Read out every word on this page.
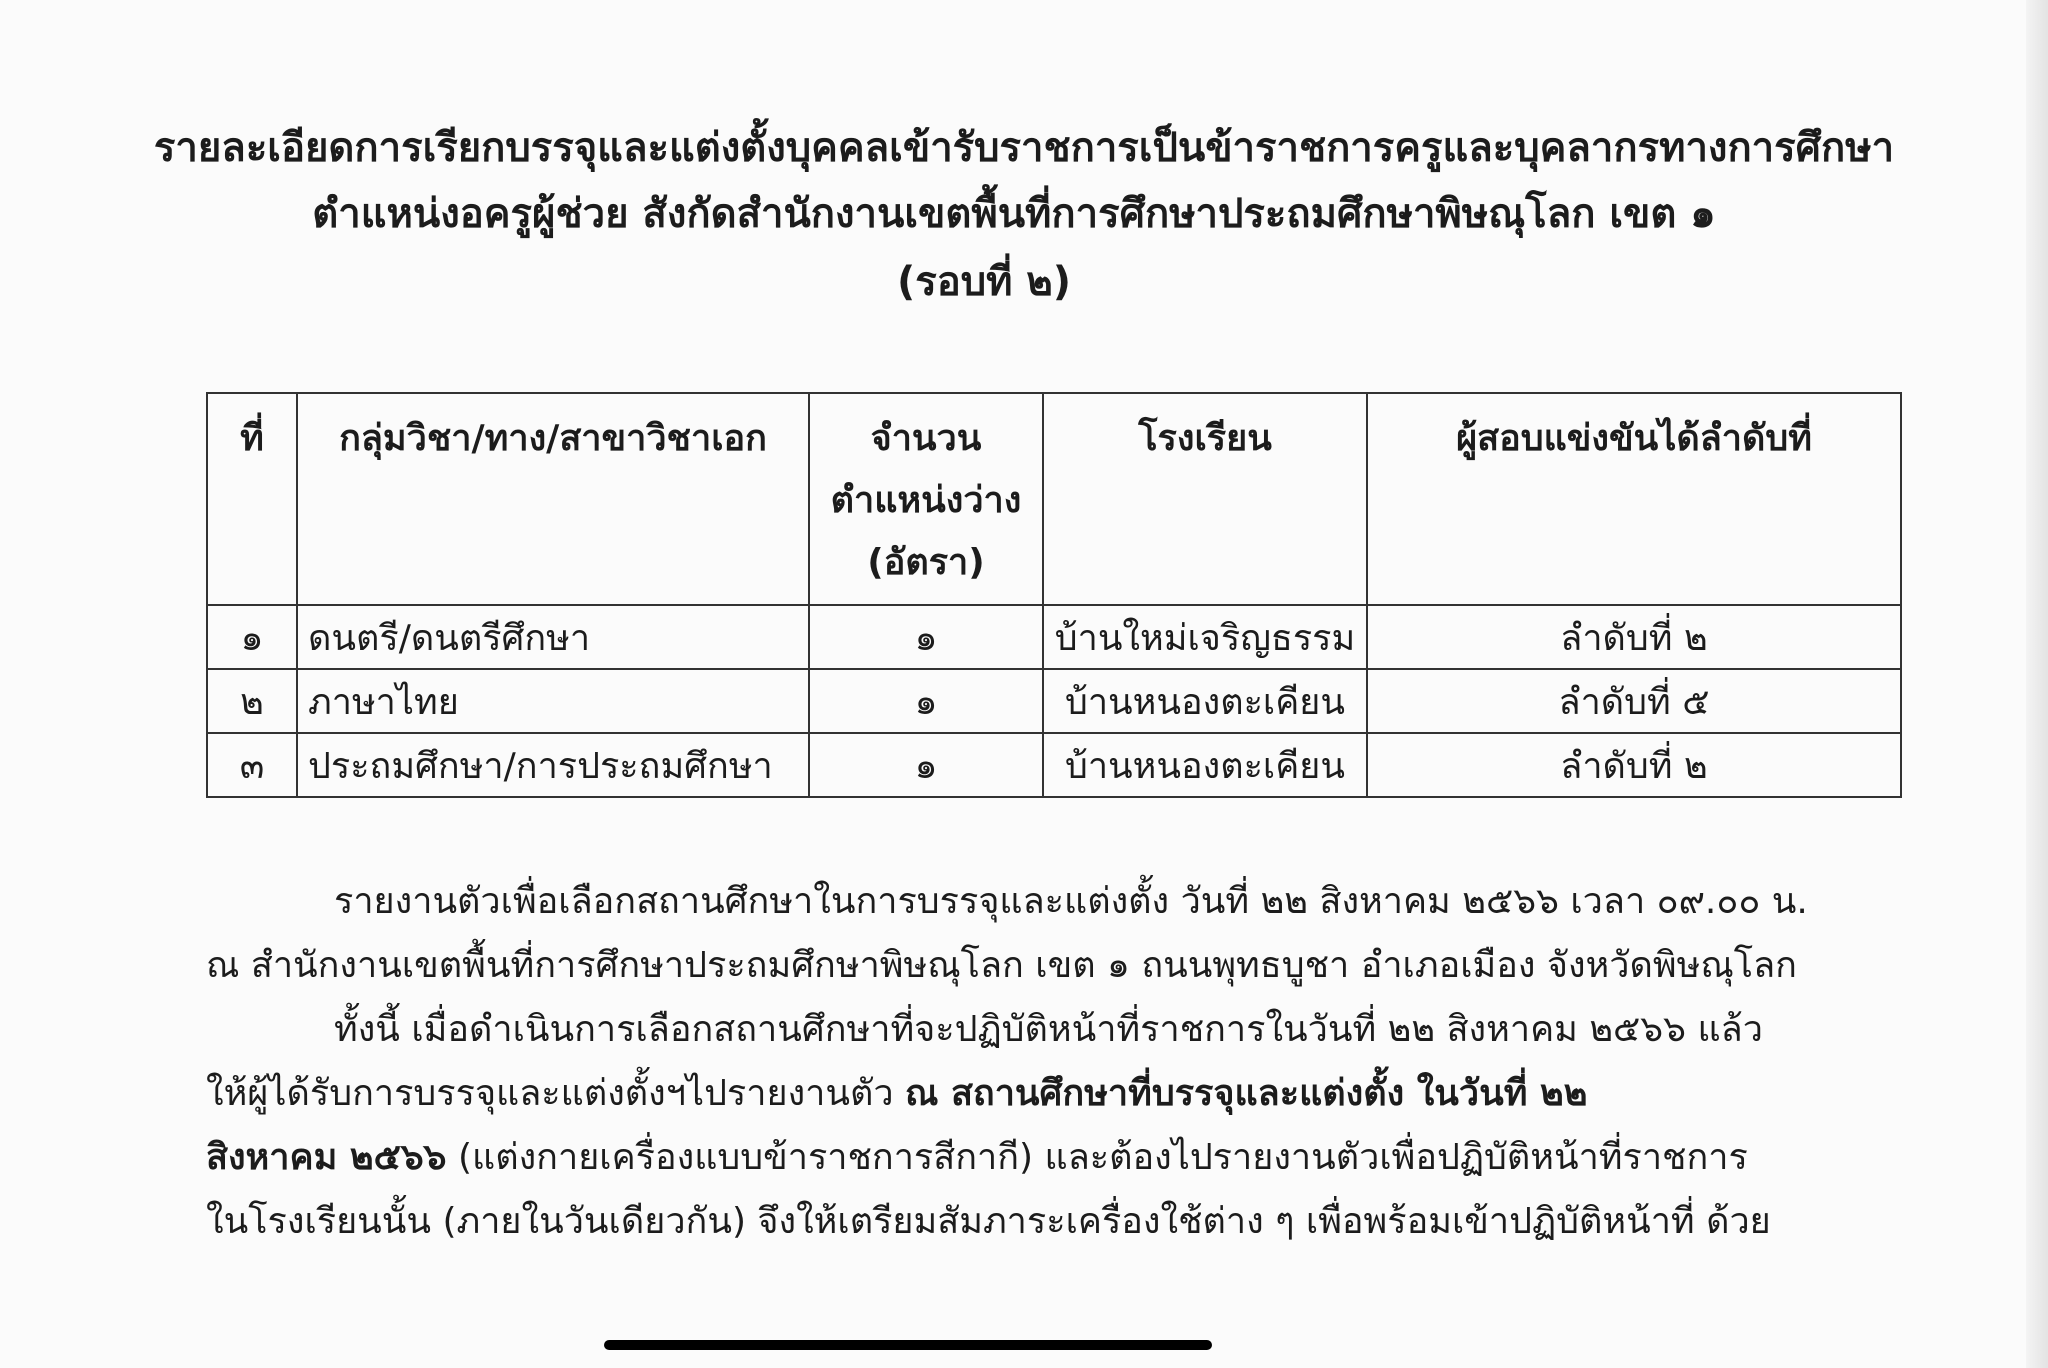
รายละเอียดการเรียกบรรจุและแต่งตั้งบุคคลเข้ารับราชการเป็นข้าราชการครูและบุคลากรทางการศึกษา
ตำแหน่งอครูผู้ช่วย สังกัดสำนักงานเขตพื้นที่การศึกษาประถมศึกษาพิษณุโลก เขต ๑
(รอบที่ ๒)
ที่	กลุ่มวิชา/ทาง/สาขาวิชาเอก	จำนวน
ตำแหน่งว่าง
(อัตรา)	โรงเรียน	ผู้สอบแข่งขันได้ลำดับที่
๑	ดนตรี/ดนตรีศึกษา	๑	บ้านใหม่เจริญธรรม	ลำดับที่ ๒
๒	ภาษาไทย	๑	บ้านหนองตะเคียน	ลำดับที่ ๕
๓	ประถมศึกษา/การประถมศึกษา	๑	บ้านหนองตะเคียน	ลำดับที่ ๒
รายงานตัวเพื่อเลือกสถานศึกษาในการบรรจุและแต่งตั้ง วันที่ ๒๒ สิงหาคม ๒๕๖๖ เวลา ๐๙.๐๐ น.
ณ สำนักงานเขตพื้นที่การศึกษาประถมศึกษาพิษณุโลก เขต ๑ ถนนพุทธบูชา อำเภอเมือง จังหวัดพิษณุโลก
ทั้งนี้ เมื่อดำเนินการเลือกสถานศึกษาที่จะปฏิบัติหน้าที่ราชการในวันที่ ๒๒ สิงหาคม ๒๕๖๖ แล้ว
ให้ผู้ได้รับการบรรจุและแต่งตั้งฯไปรายงานตัว ณ สถานศึกษาที่บรรจุและแต่งตั้ง ในวันที่ ๒๒
สิงหาคม ๒๕๖๖ (แต่งกายเครื่องแบบข้าราชการสีกากี) และต้องไปรายงานตัวเพื่อปฏิบัติหน้าที่ราชการ
ในโรงเรียนนั้น (ภายในวันเดียวกัน) จึงให้เตรียมสัมภาระเครื่องใช้ต่าง ๆ เพื่อพร้อมเข้าปฏิบัติหน้าที่ ด้วย
